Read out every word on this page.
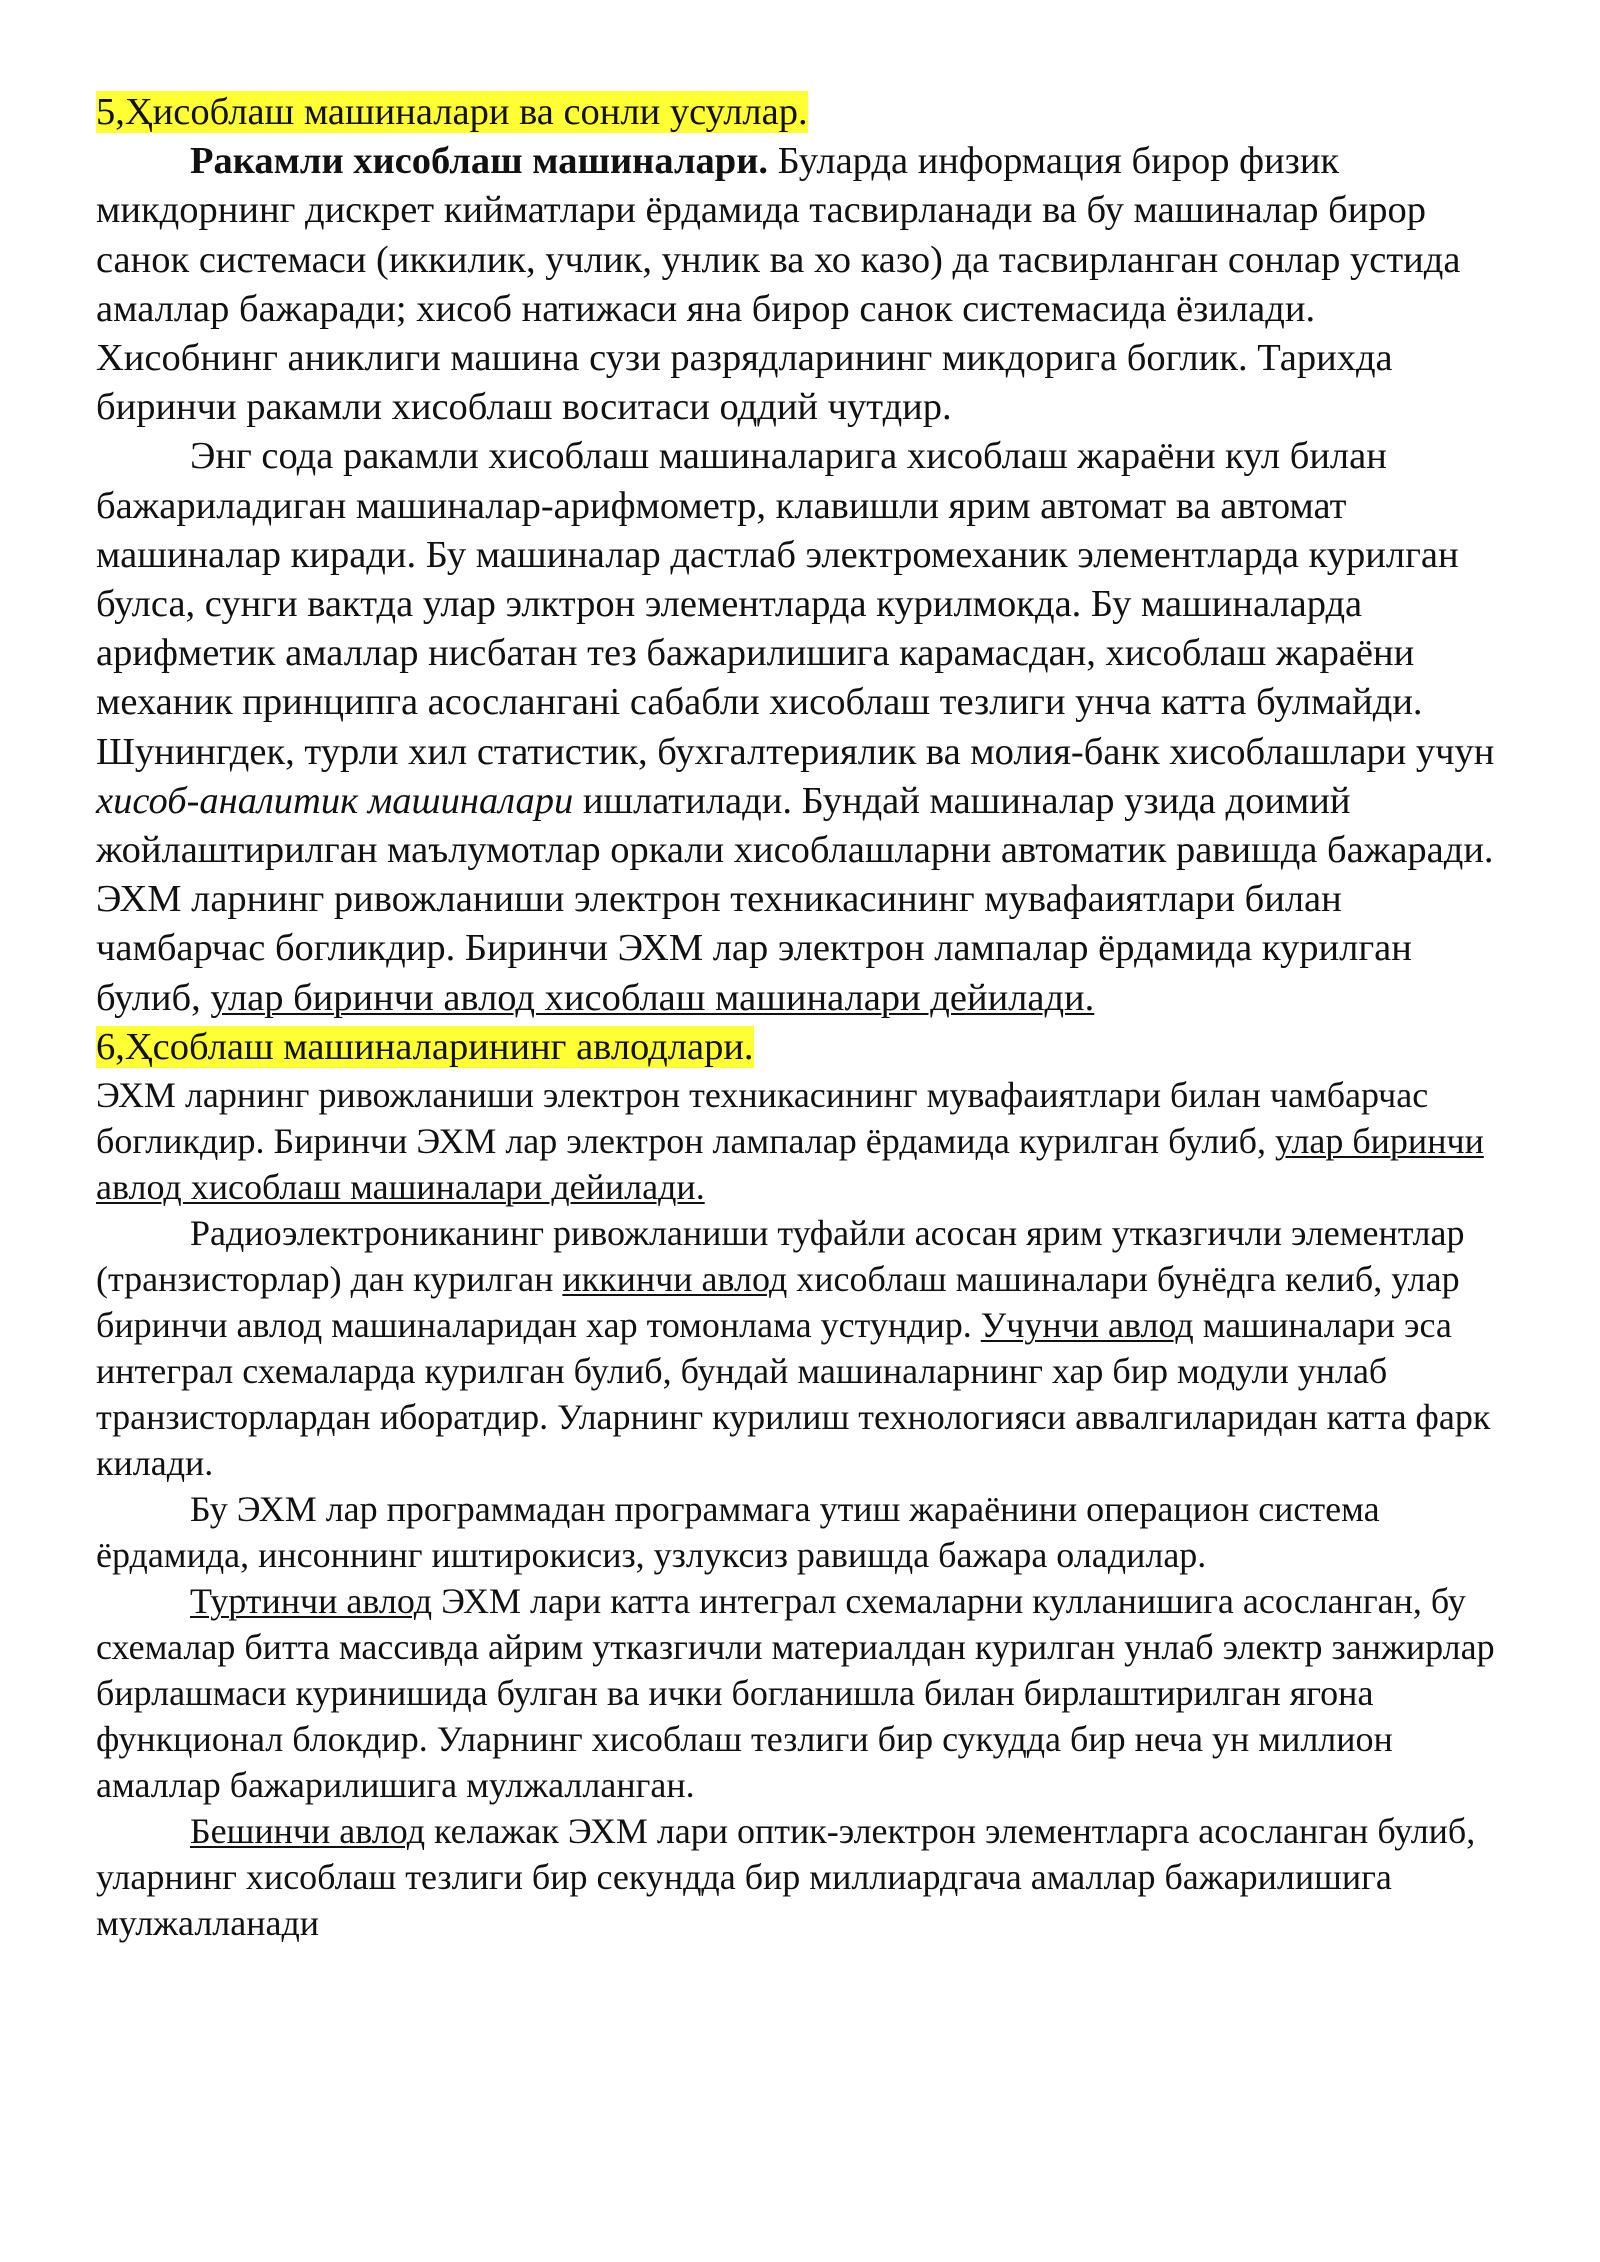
5,Ҳисоблаш машиналари ва сонли усуллар.

Ракамли хисоблаш машиналари. Буларда информация бирор физик микдорнинг дискрет кийматлари ёрдамида тасвирланади ва бу машиналар бирор санок системаси (иккилик, учлик, унлик ва хо казо) да тасвирланган сонлар устида амаллар бажаради; хисоб натижаси яна бирор санок системасида ёзилади. Хисобнинг аниклиги машина сузи разрядларининг микдорига боглик. Тарихда биринчи ракамли хисоблаш воситаси оддий чутдир.

Энг сода ракамли хисоблаш машиналарига хисоблаш жараёни кул билан бажариладиган машиналар-арифмометр, клавишли ярим автомат ва автомат машиналар киради. Бу машиналар дастлаб электромеханик элементларда курилган булса, сунги вактда улар элктрон элементларда курилмокда. Бу машиналарда арифметик амаллар нисбатан тез бажарилишига карамасдан, хисоблаш жараёни механик принципга асосланганi сабабли хисоблаш тезлиги унча катта булмайди. Шунингдек, турли хил статистик, бухгалтериялик ва молия-банк хисоблашлари учун хисоб-аналитик машиналари ишлатилади. Бундай машиналар узида доимий жойлаштирилган маълумотлар оркали хисоблашларни автоматик равишда бажаради.

ЭХМ ларнинг ривожланиши электрон техникасининг мувафаиятлари билан чамбарчас богликдир. Биринчи ЭХМ лар электрон лампалар ёрдамида курилган булиб, улар биринчи авлод хисоблаш машиналари дейилади.

6,Ҳсоблаш машиналарининг авлодлари.

ЭХМ ларнинг ривожланиши электрон техникасининг мувафаиятлари билан чамбарчас богликдир. Биринчи ЭХМ лар электрон лампалар ёрдамида курилган булиб, улар биринчи авлод хисоблаш машиналари дейилади.

Радиоэлектрониканинг ривожланиши туфайли асосан ярим утказгичли элементлар (транзисторлар) дан курилган иккинчи авлод хисоблаш машиналари бунёдга келиб, улар биринчи авлод машиналаридан хар томонлама устундир. Учунчи авлод машиналари эса интеграл схемаларда курилган булиб, бундай машиналарнинг хар бир модули унлаб транзисторлардан иборатдир. Уларнинг курилиш технологияси аввалгиларидан катта фарк килади.

Бу ЭХМ лар программадан программага утиш жараёнини операцион система ёрдамида, инсоннинг иштирокисиз, узлуксиз равишда бажара оладилар.

Туртинчи авлод ЭХМ лари катта интеграл схемаларни кулланишига асосланган, бу схемалар битта массивда айрим утказгичли материалдан курилган унлаб электр занжирлар бирлашмаси куринишида булган ва ички богланишла билан бирлаштирилган ягона функционал блокдир. Уларнинг хисоблаш тезлиги бир сукудда бир неча ун миллион амаллар бажарилишига мулжалланган.

Бешинчи авлод келажак ЭХМ лари оптик-электрон элементларга асосланган булиб, уларнинг хисоблаш тезлиги бир секундда бир миллиардгача амаллар бажарилишига мулжалланади
